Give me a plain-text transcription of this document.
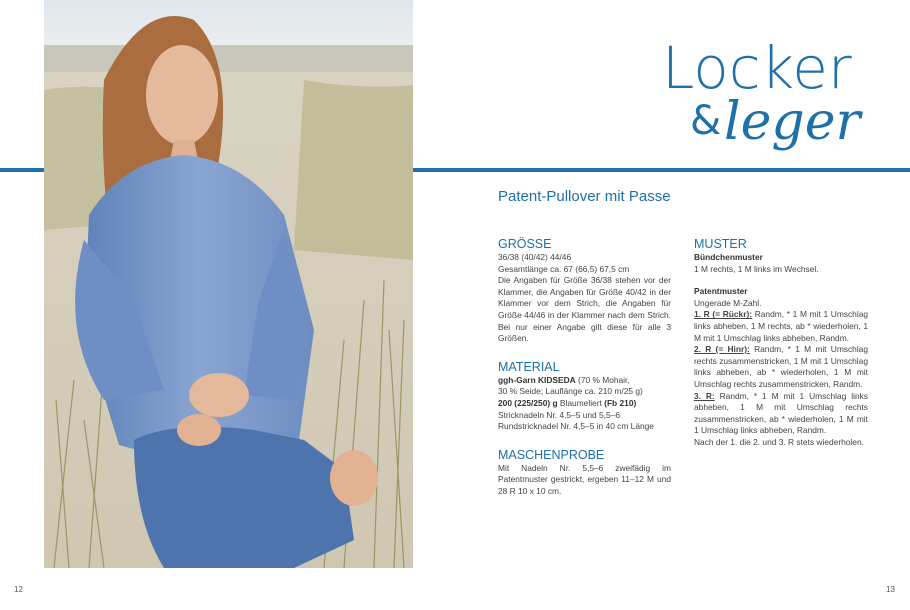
Locker
& leger
Patent-Pullover mit Passe
GRÖSSE

36/38 (40/42) 44/46

Gesamtlänge ca. 67 (66,5) 67,5 cm

Die Angaben für Größe 36/38 stehen vor der Klammer, die Angaben für Größe 40/42 in der Klammer vor dem Strich, die Angaben für Größe 44/46 in der Klammer nach dem Strich. Bei nur einer Angabe gilt diese für alle 3 Größen.

MATERIAL

ggh-Garn KIDSEDA (70 % Mohair,

30 % Seide; Lauflänge ca. 210 m/25 g)

200 (225/250) g Blaumeliert (Fb 210)

Stricknadeln Nr. 4,5–5 und 5,5–6

Rundstricknadel Nr. 4,5–5 in 40 cm Länge

MASCHENPROBE

Mit Nadeln Nr. 5,5–6 zweifädig im Patentmuster gestrickt, ergeben 11–12 M und 28 R 10 x 10 cm.

MUSTER

Bündchenmuster

1 M rechts, 1 M links im Wechsel.

Patentmuster

Ungerade M-Zahl.

1. R (= Rückr): Randm, * 1 M mit 1 Umschlag links abheben, 1 M rechts, ab * wiederholen, 1 M mit 1 Umschlag links abheben, Randm.

2. R (= Hinr): Randm, * 1 M mit Umschlag rechts zusammenstricken, 1 M mit 1 Umschlag links abheben, ab * wiederholen, 1 M mit Umschlag rechts zusammenstricken, Randm.

3. R: Randm, * 1 M mit 1 Umschlag links abheben, 1 M mit Umschlag rechts zusammenstricken, ab * wiederholen, 1 M mit 1 Umschlag links abheben, Randm.

Nach der 1. die 2. und 3. R stets wiederholen.

12	13
